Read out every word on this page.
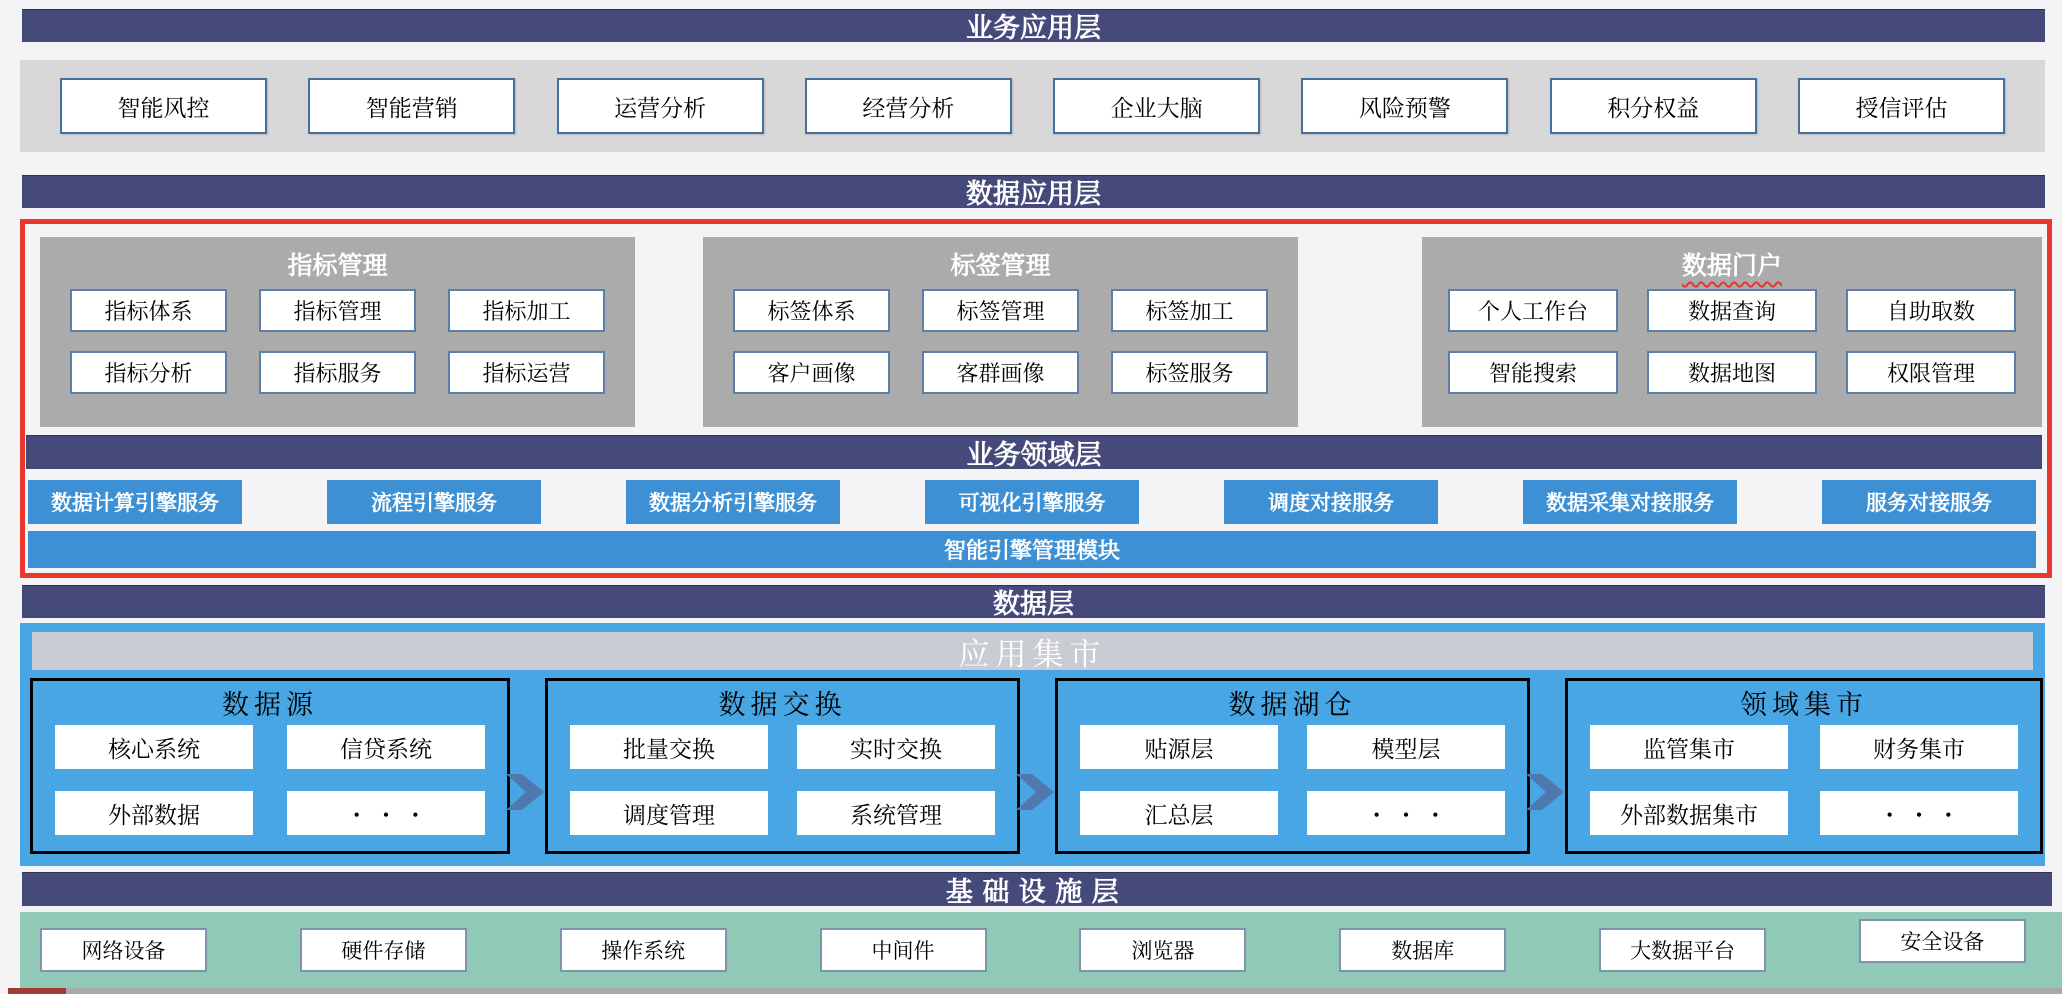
业务应用层
智能风控	智能营销	运营分析	经营分析	企业大脑	风险预警	积分权益	授信评估
数据应用层
指标管理
指标体系	指标管理	指标加工
指标分析	指标服务	指标运营
标签管理
标签体系	标签管理	标签加工
客户画像	客群画像	标签服务
数据门户
个人工作台	数据查询	自助取数
智能搜索	数据地图	权限管理
业务领域层
数据计算引擎服务	流程引擎服务	数据分析引擎服务	可视化引擎服务	调度对接服务	数据采集对接服务	服务对接服务
智能引擎管理模块
数据层
应用集市
数据源
核心系统	信贷系统
外部数据	・ ・ ・
数据交换
批量交换	实时交换
调度管理	系统管理
数据湖仓
贴源层	模型层
汇总层	・ ・ ・
领域集市
监管集市	财务集市
外部数据集市	・ ・ ・
基础设施层
网络设备	硬件存储	操作系统	中间件	浏览器	数据库	大数据平台	安全设备
